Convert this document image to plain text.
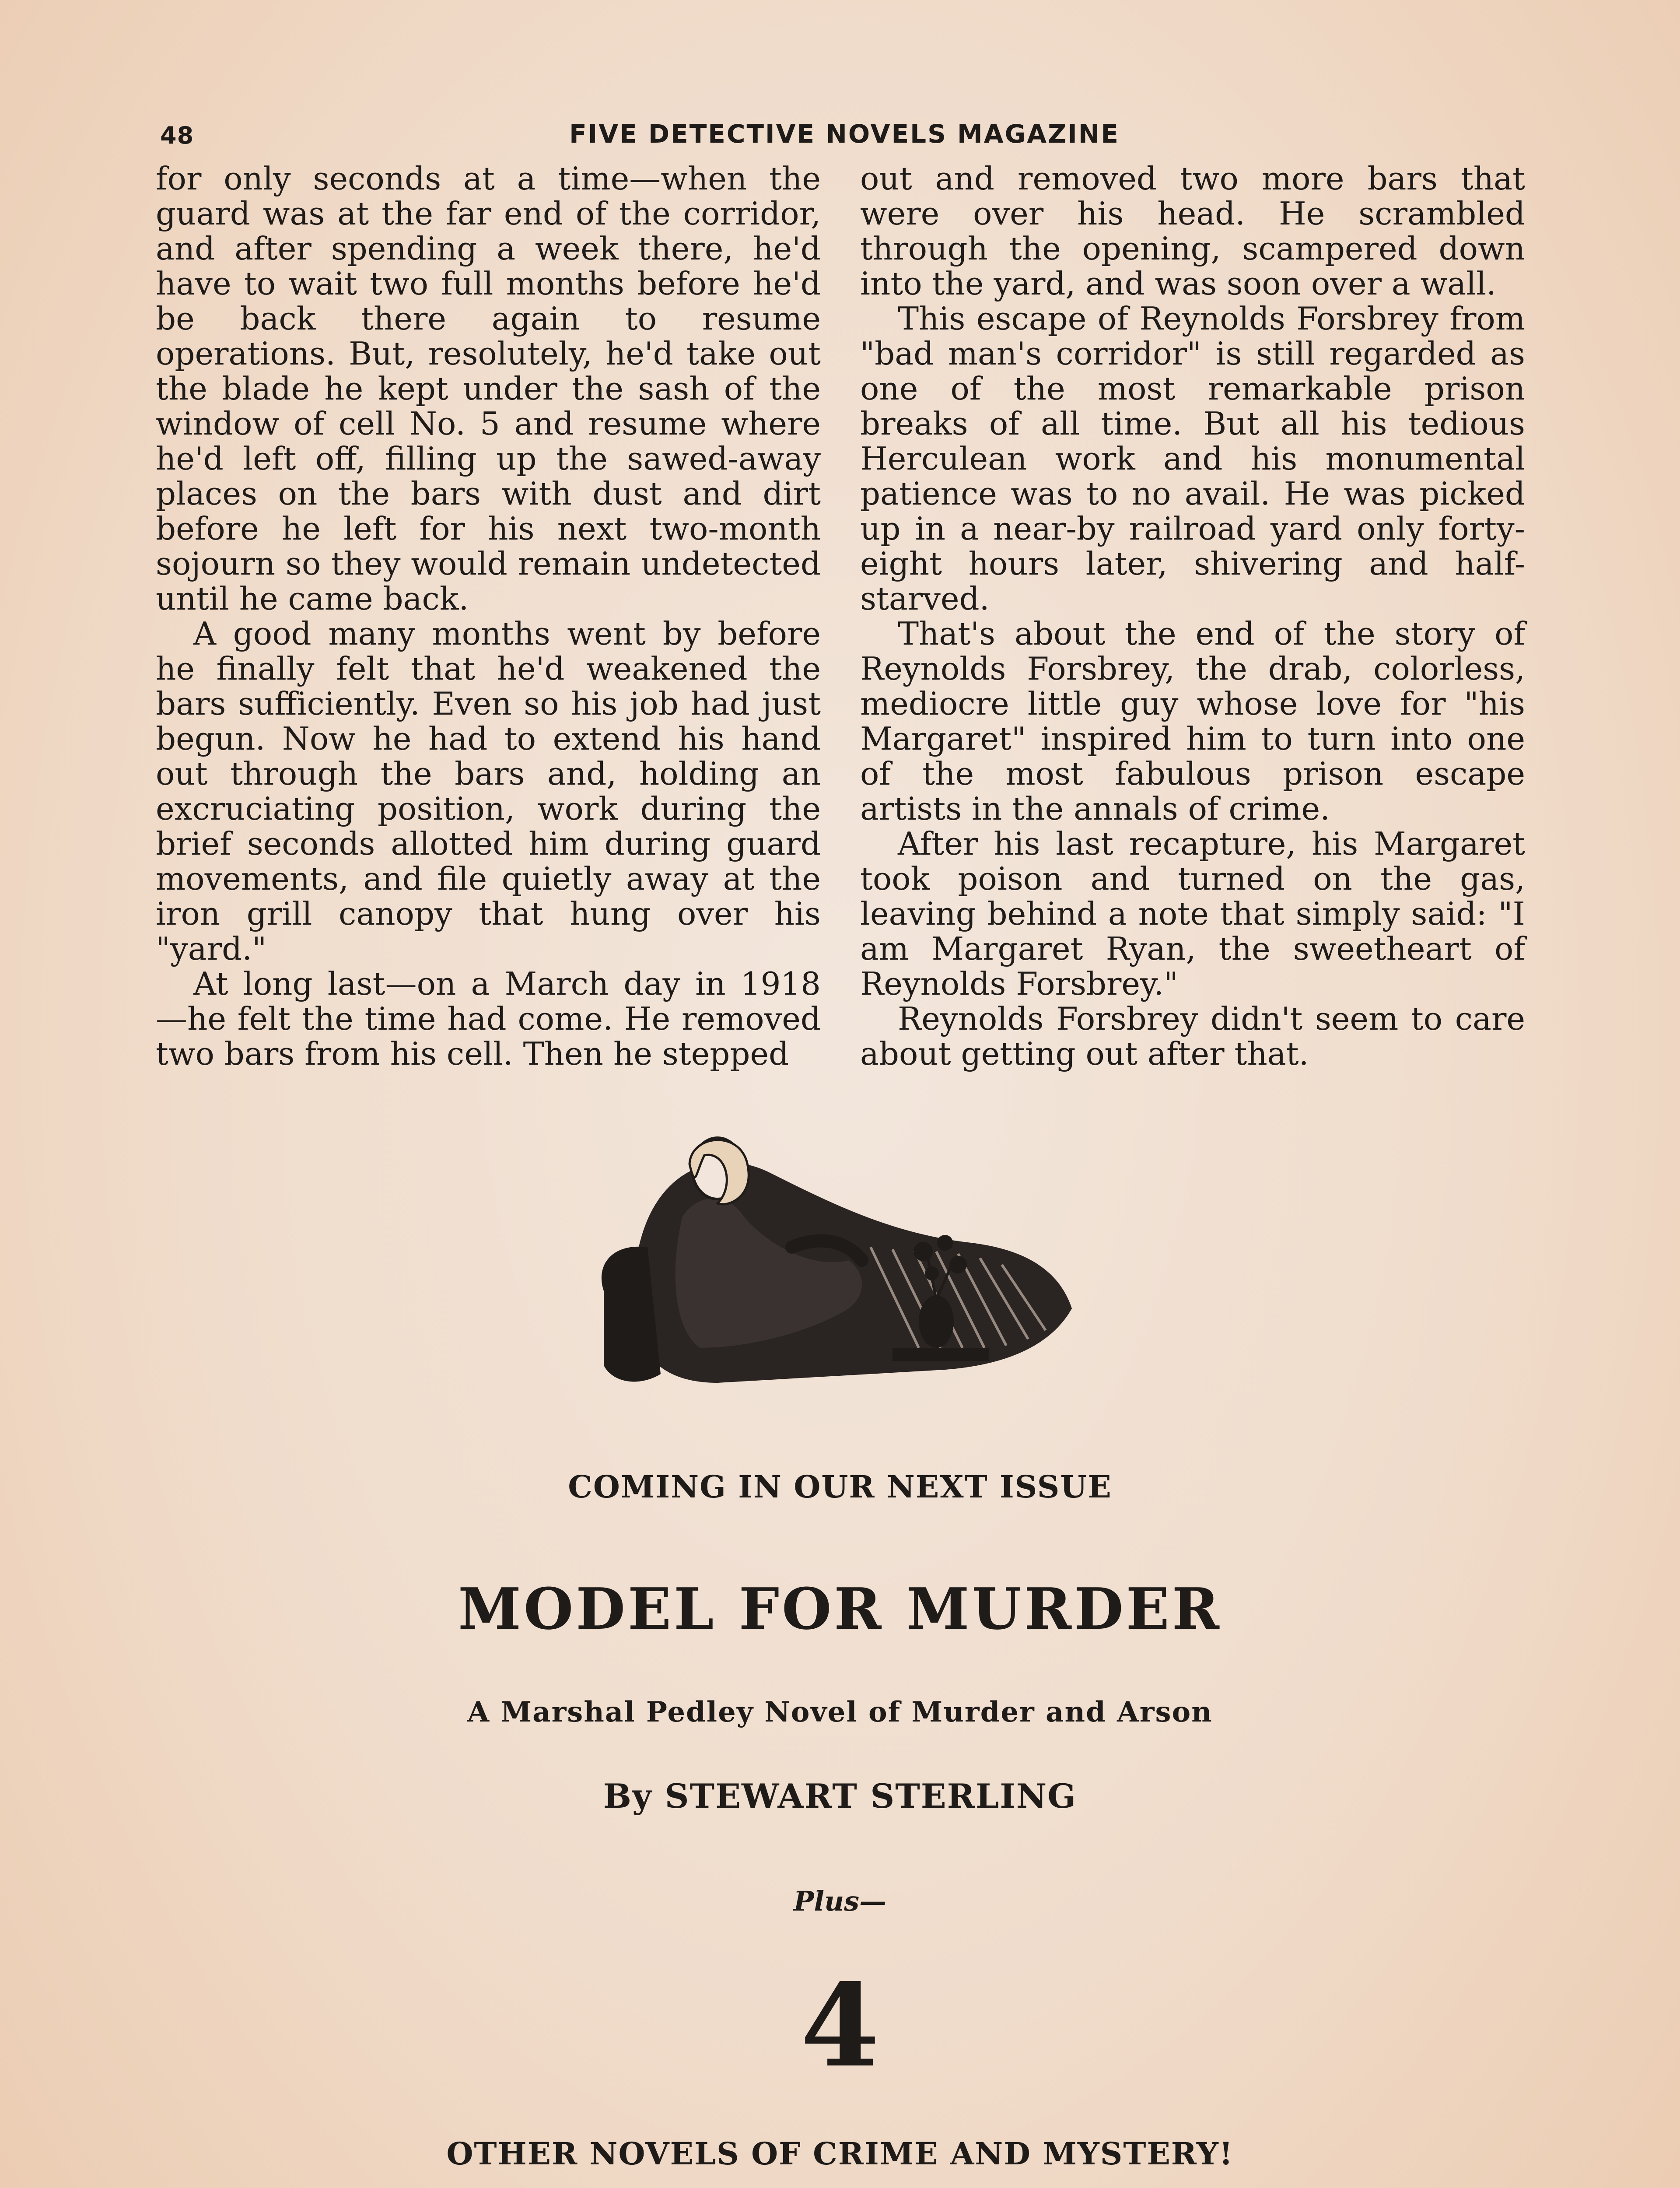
48	FIVE DETECTIVE NOVELS MAGAZINE

for only seconds at a time—when the guard was at the far end of the corridor, and after spending a week there, he'd have to wait two full months before he'd be back there again to resume operations. But, resolutely, he'd take out the blade he kept under the sash of the window of cell No. 5 and resume where he'd left off, filling up the sawed-away places on the bars with dust and dirt before he left for his next two-month sojourn so they would remain undetected until he came back.

A good many months went by before he finally felt that he'd weakened the bars sufficiently. Even so his job had just begun. Now he had to extend his hand out through the bars and, holding an excruciating position, work during the brief seconds allotted him during guard movements, and file quietly away at the iron grill canopy that hung over his "yard."

At long last—on a March day in 1918 —he felt the time had come. He removed two bars from his cell. Then he stepped

out and removed two more bars that were over his head. He scrambled through the opening, scampered down into the yard, and was soon over a wall.

This escape of Reynolds Forsbrey from "bad man's corridor" is still regarded as one of the most remarkable prison breaks of all time. But all his tedious Herculean work and his monumental patience was to no avail. He was picked up in a near-by railroad yard only forty-eight hours later, shivering and half-starved.

That's about the end of the story of Reynolds Forsbrey, the drab, colorless, mediocre little guy whose love for "his Margaret" inspired him to turn into one of the most fabulous prison escape artists in the annals of crime.

After his last recapture, his Margaret took poison and turned on the gas, leaving behind a note that simply said: "I am Margaret Ryan, the sweetheart of Reynolds Forsbrey."

Reynolds Forsbrey didn't seem to care about getting out after that.

COMING IN OUR NEXT ISSUE
MODEL FOR MURDER
A Marshal Pedley Novel of Murder and Arson
By STEWART STERLING
Plus—
4
OTHER NOVELS OF CRIME AND MYSTERY!
